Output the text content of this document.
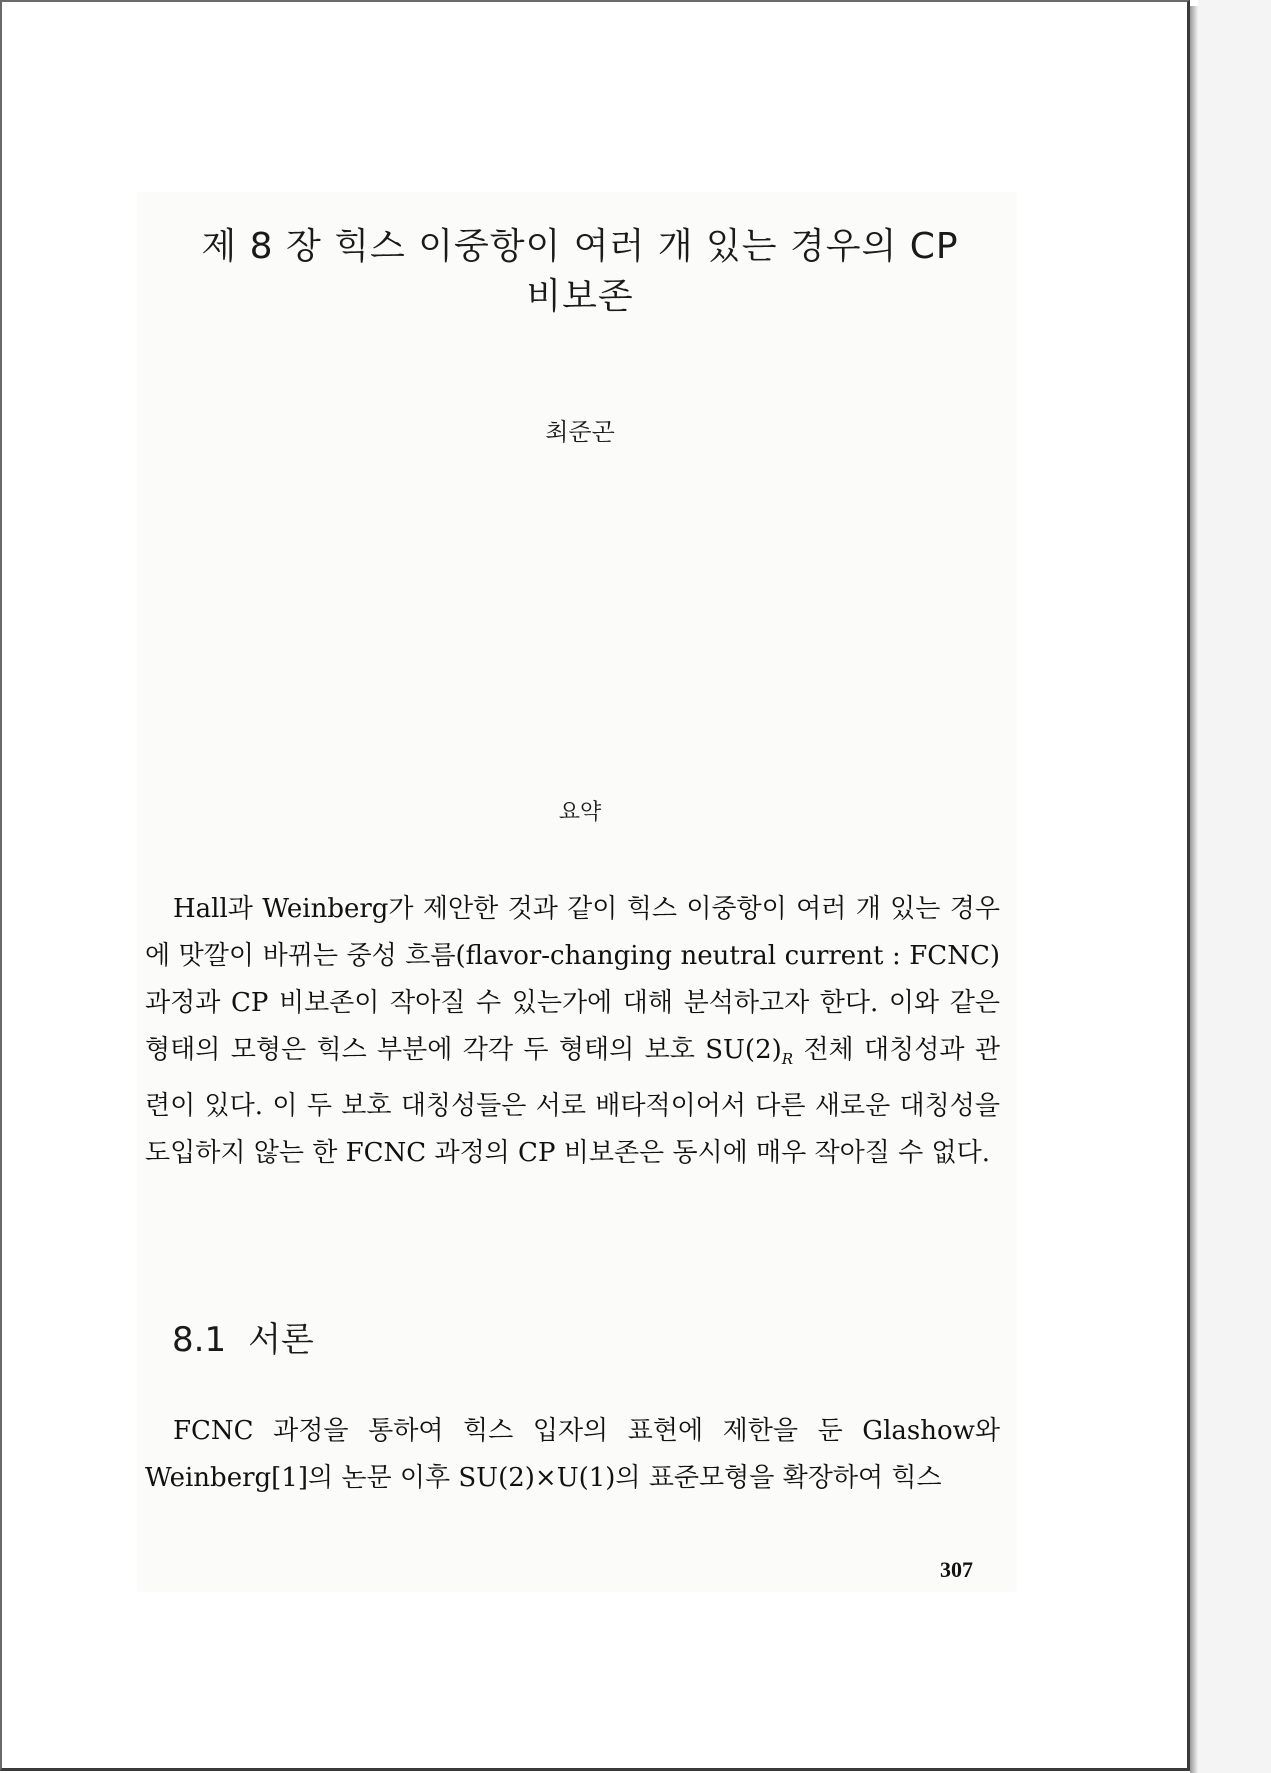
제 8 장 힉스 이중항이 여러 개 있는 경우의 CP
비보존
최준곤
요약

Hall과 Weinberg가 제안한 것과 같이 힉스 이중항이 여러 개 있는 경우에 맛깔이 바뀌는 중성 흐름(flavor-changing neutral current : FCNC) 과정과 CP 비보존이 작아질 수 있는가에 대해 분석하고자 한다. 이와 같은 형태의 모형은 힉스 부분에 각각 두 형태의 보호 $SU(2)_R$ 전체 대칭성과 관련이 있다. 이 두 보호 대칭성들은 서로 배타적이어서 다른 새로운 대칭성을 도입하지 않는 한 FCNC 과정의 CP 비보존은 동시에 매우 작아질 수 없다.

8.1 서론

FCNC 과정을 통하여 힉스 입자의 표현에 제한을 둔 Glashow와 Weinberg[1]의 논문 이후 SU(2)×U(1)의 표준모형을 확장하여 힉스

307
